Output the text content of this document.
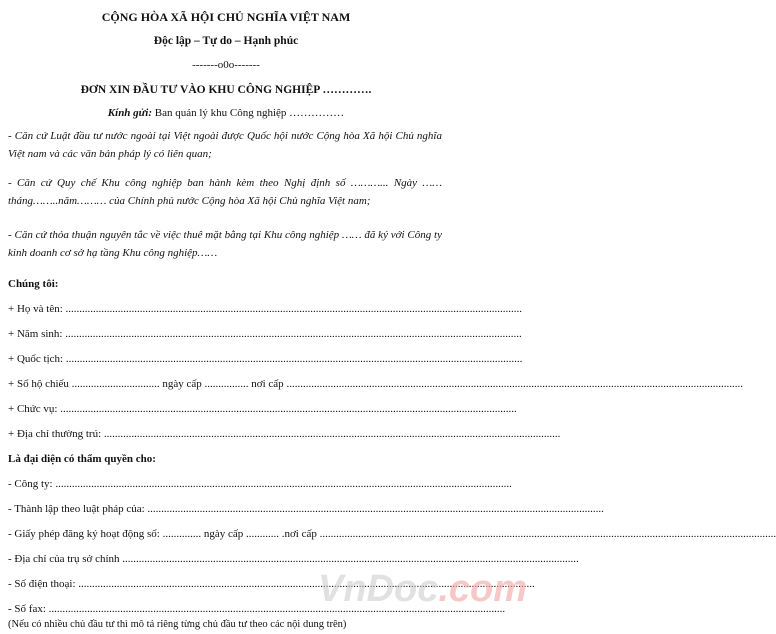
CỘNG HÒA XÃ HỘI CHỦ NGHĨA VIỆT NAM
Độc lập – Tự do – Hạnh phúc
-------o0o-------
ĐƠN XIN ĐẦU TƯ VÀO KHU CÔNG NGHIỆP ………….
Kính gửi: Ban quản lý khu Công nghiệp ……………
- Căn cứ Luật đầu tư nước ngoài tại Việt ngoài được Quốc hội nước Cộng hòa Xã hội Chủ nghĩa Việt nam và các văn bản pháp lý có liên quan;
- Căn cứ Quy chế Khu công nghiệp ban hành kèm theo Nghị định số ………... Ngày ……tháng……..năm……… của Chính phủ nước Cộng hòa Xã hội Chủ nghĩa Việt nam;
- Căn cứ thỏa thuận nguyên tắc về việc thuê mặt bằng tại Khu công nghiệp …… đã ký với Công ty kinh doanh cơ sở hạ tầng Khu công nghiệp……
Chúng tôi:
+ Họ và tên: ......................................................................................................................................................................
+ Năm sinh: ......................................................................................................................................................................
+ Quốc tịch: ......................................................................................................................................................................
+ Số hộ chiếu ................................ ngày cấp ................ nơi cấp ......................................................................................................................................................................
+ Chức vụ: ......................................................................................................................................................................
+ Địa chỉ thường trú: ......................................................................................................................................................................
Là đại diện có thẩm quyền cho:
- Công ty: ......................................................................................................................................................................
- Thành lập theo luật pháp của: ......................................................................................................................................................................
- Giấy phép đăng ký hoạt động số: .............. ngày cấp ............ .nơi cấp ......................................................................................................................................................................
- Địa chỉ của trụ sở chính ......................................................................................................................................................................
- Số điện thoại: ......................................................................................................................................................................
- Số fax: ......................................................................................................................................................................
(Nếu có nhiều chủ đầu tư thì mô tả riêng từng chủ đầu tư theo các nội dung trên)
VnDoc.com
